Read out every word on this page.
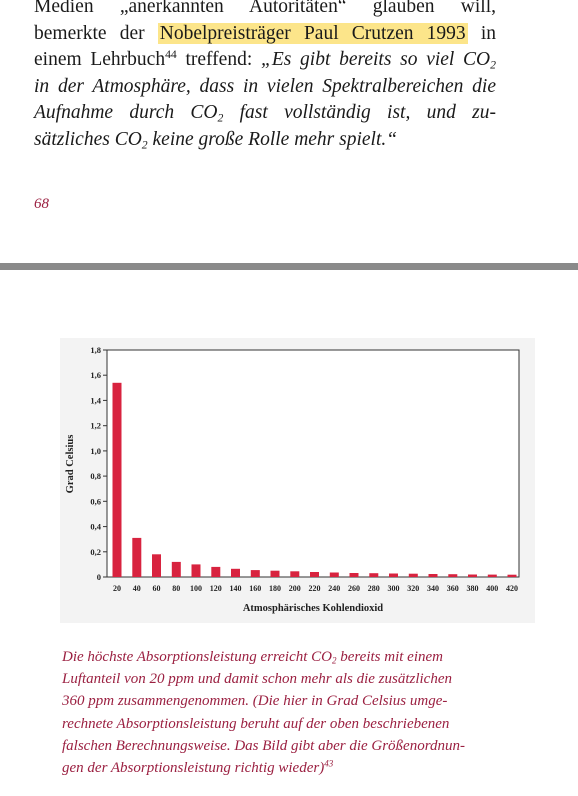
Medien „anerkannten Autoritäten“ glauben will,
bemerkte der Nobelpreisträger Paul Crutzen 1993 in
einem Lehrbuch$^{44}$ treffend: „Es gibt bereits so viel $CO_2$
in der Atmosphäre, dass in vielen Spektralbereichen die
Aufnahme durch $CO_2$ fast vollständig ist, und zu-
sätzliches $CO_2$ keine große Rolle mehr spielt.“
68
0
0,2
0,4
0,6
0,8
1,0
1,2
1,4
1,6
1,8
20 40 60 80 100 120 140 160 180 200 220 240 260 280 300 320 340 360 380 400 420
Grad Celsius
Atmosphärisches Kohlendioxid
Die höchste Absorptionsleistung erreicht $CO_2$ bereits mit einem
Luftanteil von 20 ppm und damit schon mehr als die zusätzlichen
360 ppm zusammengenommen. (Die hier in Grad Celsius umge-
rechnete Absorptionsleistung beruht auf der oben beschriebenen
falschen Berechnungsweise. Das Bild gibt aber die Größenordnun-
gen der Absorptionsleistung richtig wieder)$^{43}$
